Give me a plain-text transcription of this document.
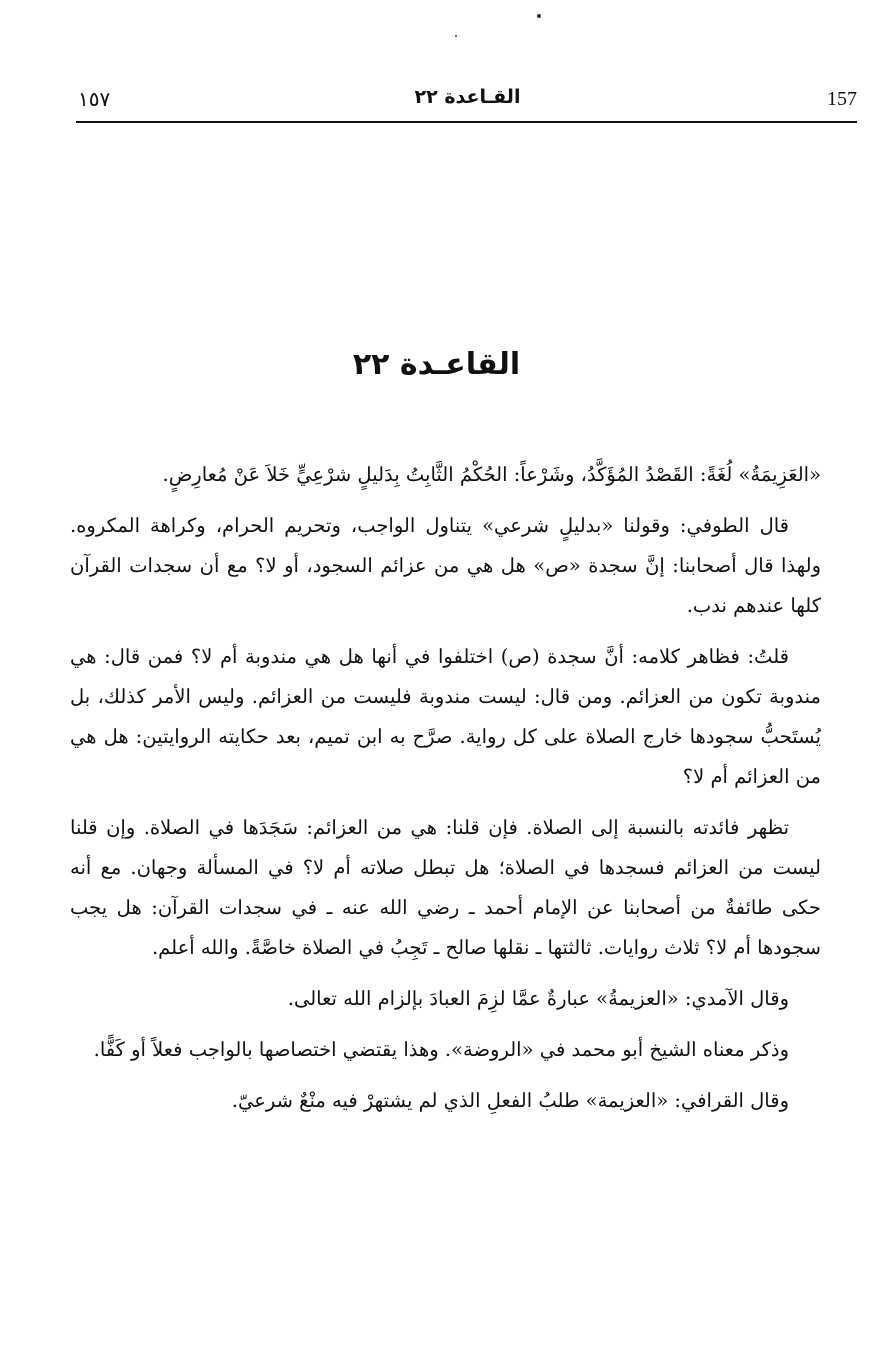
157
القـاعدة ٢٢
١٥٧
القاعـدة ٢٢

«العَزِيمَةُ» لُغَةً: القَصْدُ المُؤَكَّدُ، وشَرْعاً: الحُكْمُ الثَّابِتُ بِدَليلٍ شرْعِيٍّ خَلاَ عَنْ مُعارِضٍ.

قال الطوفي: وقولنا «بدليلٍ شرعي» يتناول الواجب، وتحريم الحرام، وكراهة المكروه. ولهذا قال أصحابنا: إنَّ سجدة «ص» هل هي من عزائم السجود، أو لا؟ مع أن سجدات القرآن كلها عندهم ندب.

قلتُ: فظاهر كلامه: أنَّ سجدة (ص) اختلفوا في أنها هل هي مندوبة أم لا؟ فمن قال: هي مندوبة تكون من العزائم. ومن قال: ليست مندوبة فليست من العزائم. وليس الأمر كذلك، بل يُستَحبُّ سجودها خارج الصلاة على كل رواية. صرَّح به ابن تميم، بعد حكايته الروايتين: هل هي من العزائم أم لا؟

تظهر فائدته بالنسبة إلى الصلاة. فإن قلنا: هي من العزائم: سَجَدَها في الصلاة. وإن قلنا ليست من العزائم فسجدها في الصلاة؛ هل تبطل صلاته أم لا؟ في المسألة وجهان. مع أنه حكى طائفةٌ من أصحابنا عن الإمام أحمد ـ رضي الله عنه ـ في سجدات القرآن: هل يجب سجودها أم لا؟ ثلاث روايات. ثالثتها ـ نقلها صالح ـ تَجِبُ في الصلاة خاصَّةً. والله أعلم.

وقال الآمدي: «العزيمةُ» عبارةٌ عمَّا لزِمَ العبادَ بإلزام الله تعالى.

وذكر معناه الشيخ أبو محمد في «الروضة». وهذا يقتضي اختصاصها بالواجب فعلاً أو كَفًّا.

وقال القرافي: «العزيمة» طلبُ الفعلِ الذي لم يشتهرْ فيه منْعٌ شرعيّ.
